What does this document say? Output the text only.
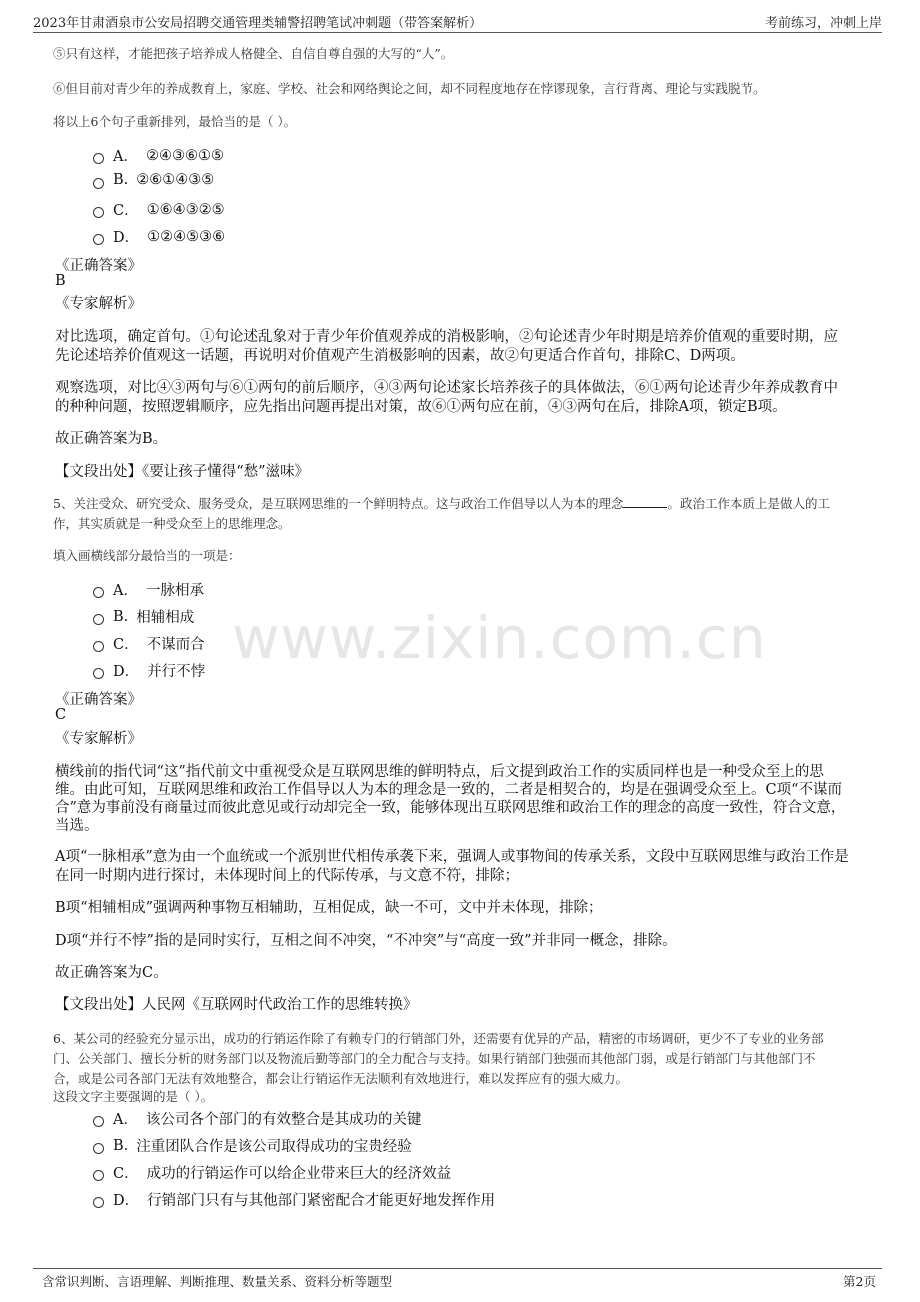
2023年甘肃酒泉市公安局招聘交通管理类辅警招聘笔试冲刺题（带答案解析）	考前练习，冲刺上岸
www.zixin.com.cn
⑤只有这样，才能把孩子培养成人格健全、自信自尊自强的大写的“人”。
⑥但目前对青少年的养成教育上，家庭、学校、社会和网络舆论之间，却不同程度地存在悖谬现象，言行背离、理论与实践脱节。
将以上6个句子重新排列，最恰当的是（ ）。
A． ②④③⑥①⑤
B. ②⑥①④③⑤
C． ①⑥④③②⑤
D． ①②④⑤③⑥
《正确答案》
B
《专家解析》
对比选项，确定首句。①句论述乱象对于青少年价值观养成的消极影响，②句论述青少年时期是培养价值观的重要时期，应
先论述培养价值观这一话题，再说明对价值观产生消极影响的因素，故②句更适合作首句，排除C、D两项。
观察选项，对比④③两句与⑥①两句的前后顺序，④③两句论述家长培养孩子的具体做法，⑥①两句论述青少年养成教育中
的种种问题，按照逻辑顺序，应先指出问题再提出对策，故⑥①两句应在前，④③两句在后，排除A项，锁定B项。
故正确答案为B。
【文段出处】《要让孩子懂得“愁”滋味》
5、关注受众、研究受众、服务受众，是互联网思维的一个鲜明特点。这与政治工作倡导以人为本的理念	。政治工作本质上是做人的工
作，其实质就是一种受众至上的思维理念。
填入画横线部分最恰当的一项是：
A． 一脉相承
B. 相辅相成
C． 不谋而合
D． 并行不悖
《正确答案》
C
《专家解析》
横线前的指代词“这”指代前文中重视受众是互联网思维的鲜明特点，后文提到政治工作的实质同样也是一种受众至上的思
维。由此可知，互联网思维和政治工作倡导以人为本的理念是一致的，二者是相契合的，均是在强调受众至上。C项“不谋而
合”意为事前没有商量过而彼此意见或行动却完全一致，能够体现出互联网思维和政治工作的理念的高度一致性，符合文意，
当选。
A项“一脉相承”意为由一个血统或一个派别世代相传承袭下来，强调人或事物间的传承关系，文段中互联网思维与政治工作是
在同一时期内进行探讨，未体现时间上的代际传承，与文意不符，排除；
B项“相辅相成”强调两种事物互相辅助，互相促成，缺一不可，文中并未体现，排除；
D项“并行不悖”指的是同时实行，互相之间不冲突，“不冲突”与“高度一致”并非同一概念，排除。
故正确答案为C。
【文段出处】人民网《互联网时代政治工作的思维转换》
6、某公司的经验充分显示出，成功的行销运作除了有赖专门的行销部门外，还需要有优异的产品，精密的市场调研，更少不了专业的业务部
门、公关部门、擅长分析的财务部门以及物流后勤等部门的全力配合与支持。如果行销部门独强而其他部门弱，或是行销部门与其他部门不
合，或是公司各部门无法有效地整合，都会让行销运作无法顺利有效地进行，难以发挥应有的强大威力。
这段文字主要强调的是（ ）。
A． 该公司各个部门的有效整合是其成功的关键
B. 注重团队合作是该公司取得成功的宝贵经验
C． 成功的行销运作可以给企业带来巨大的经济效益
D． 行销部门只有与其他部门紧密配合才能更好地发挥作用
含常识判断、言语理解、判断推理、数量关系、资料分析等题型	第2页
